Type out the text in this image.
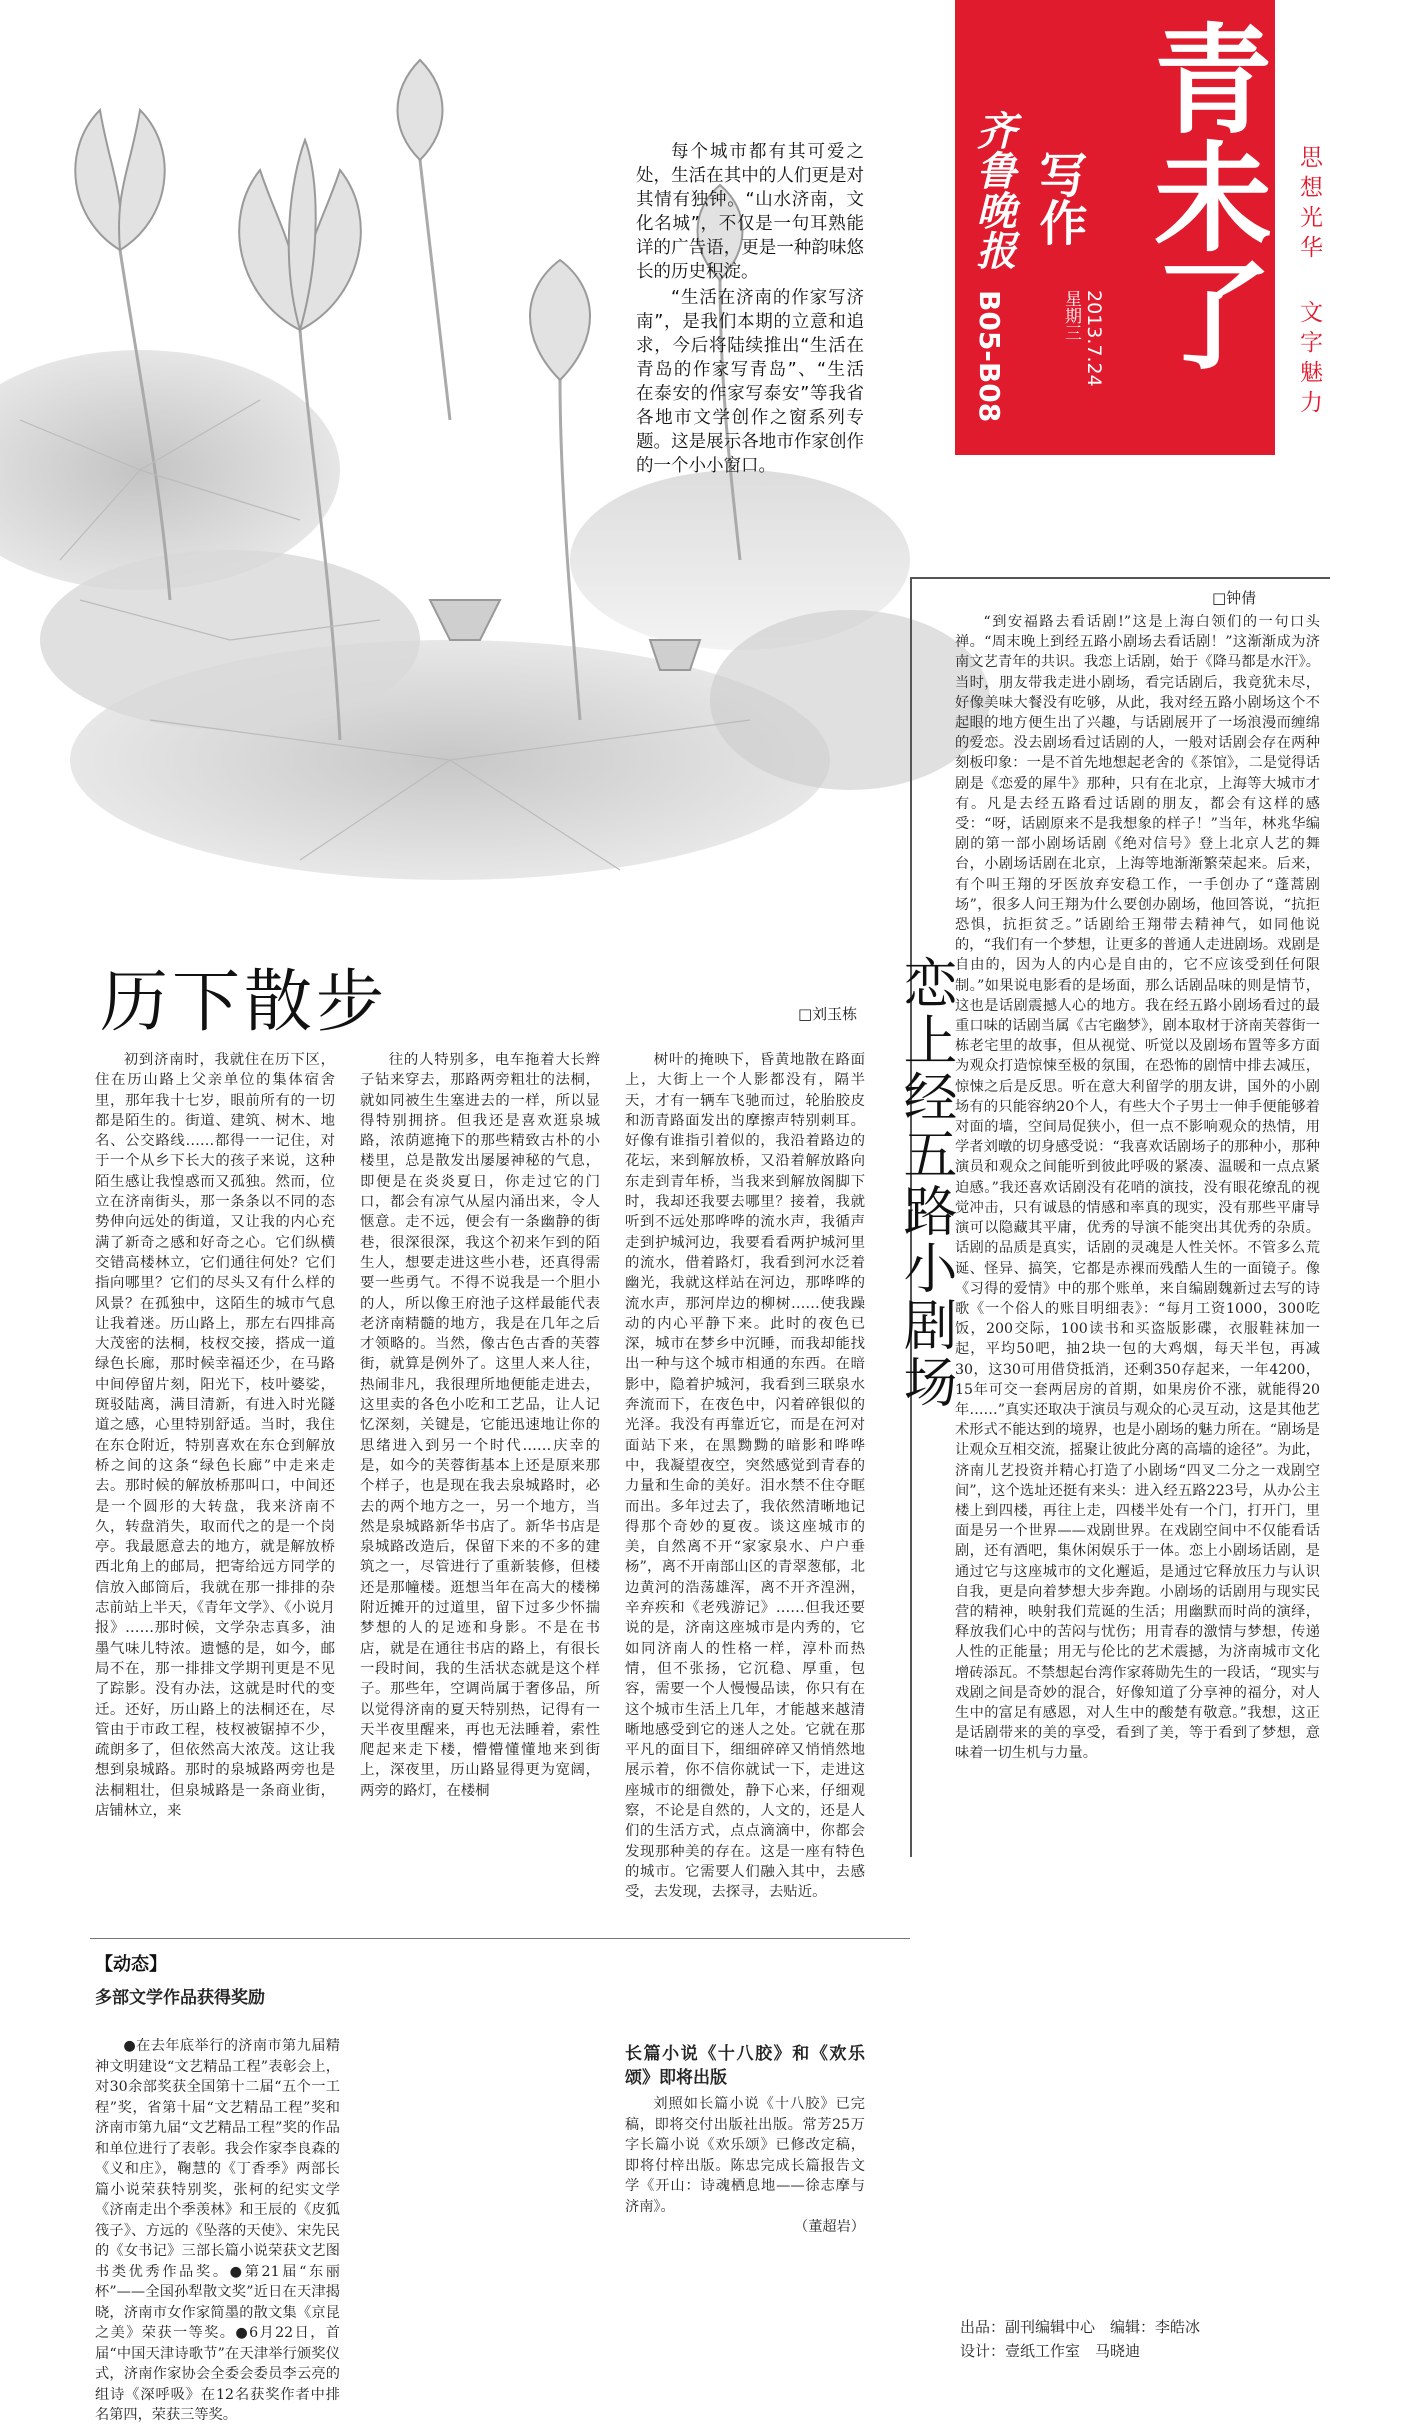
青未了
齐鲁晚报 写作
星期三 2013.7.24
B05-B08
思想光华
文字魅力

每个城市都有其可爱之处，生活在其中的人们更是对其情有独钟。“山水济南，文化名城”，不仅是一句耳熟能详的广告语，更是一种韵味悠长的历史积淀。

“生活在济南的作家写济南”，是我们本期的立意和追求，今后将陆续推出“生活在青岛的作家写青岛”、“生活在泰安的作家写泰安”等我省各地市文学创作之窗系列专题。这是展示各地市作家创作的一个小小窗口。

历下散步	□刘玉栋

初到济南时，我就住在历下区，住在历山路上父亲单位的集体宿舍里，那年我十七岁，眼前所有的一切都是陌生的。街道、建筑、树木、地名、公交路线……都得一一记住，对于一个从乡下长大的孩子来说，这种陌生感让我惶惑而又孤独。然而，位立在济南街头，那一条条以不同的态势伸向远处的街道，又让我的内心充满了新奇之感和好奇之心。它们纵横交错高楼林立，它们通往何处？它们指向哪里？它们的尽头又有什么样的风景？在孤独中，这陌生的城市气息让我着迷。历山路上，那左右四排高大茂密的法桐，枝杈交接，搭成一道绿色长廊，那时候幸福还少，在马路中间停留片刻，阳光下，枝叶婆娑，斑驳陆离，满目清新，有进入时光隧道之感，心里特别舒适。当时，我住在东仓附近，特别喜欢在东仓到解放桥之间的这条“绿色长廊”中走来走去。那时候的解放桥那叫口，中间还是一个圆形的大转盘，我来济南不久，转盘消失，取而代之的是一个岗亭。我最愿意去的地方，就是解放桥西北角上的邮局，把寄给远方同学的信放入邮筒后，我就在那一排排的杂志前站上半天，《青年文学》、《小说月报》……那时候，文学杂志真多，油墨气味儿特浓。遗憾的是，如今，邮局不在，那一排排文学期刊更是不见了踪影。没有办法，这就是时代的变迁。还好，历山路上的法桐还在，尽管由于市政工程，枝杈被锯掉不少，疏朗多了，但依然高大浓茂。这让我想到泉城路。那时的泉城路两旁也是法桐粗壮，但泉城路是一条商业街，店铺林立，来

往的人特别多，电车拖着大长辫子钻来穿去，那路两旁粗壮的法桐，就如同被生生塞进去的一样，所以显得特别拥挤。但我还是喜欢逛泉城路，浓荫遮掩下的那些精致古朴的小楼里，总是散发出屡屡神秘的气息，即便是在炎炎夏日，你走过它的门口，都会有凉气从屋内涌出来，令人惬意。走不远，便会有一条幽静的街巷，很深很深，我这个初来乍到的陌生人，想要走进这些小巷，还真得需要一些勇气。不得不说我是一个胆小的人，所以像王府池子这样最能代表老济南精髓的地方，我是在几年之后才领略的。当然，像古色古香的芙蓉街，就算是例外了。这里人来人往，热闹非凡，我很理所地便能走进去，这里卖的各色小吃和工艺品，让人记忆深刻，关键是，它能迅速地让你的思绪进入到另一个时代……庆幸的是，如今的芙蓉街基本上还是原来那个样子，也是现在我去泉城路时，必去的两个地方之一，另一个地方，当然是泉城路新华书店了。新华书店是泉城路改造后，保留下来的不多的建筑之一，尽管进行了重新装修，但楼还是那幢楼。逛想当年在高大的楼梯附近摊开的过道里，留下过多少怀揣梦想的人的足迹和身影。不是在书店，就是在通往书店的路上，有很长一段时间，我的生活状态就是这个样子。那些年，空调尚属于奢侈品，所以觉得济南的夏天特别热，记得有一天半夜里醒来，再也无法睡着，索性爬起来走下楼，懵懵懂懂地来到街上，深夜里，历山路显得更为宽阔，两旁的路灯，在楼桐

树叶的掩映下，昏黄地散在路面上，大街上一个人影都没有，隔半天，才有一辆车飞驰而过，轮胎胶皮和沥青路面发出的摩擦声特别刺耳。好像有谁指引着似的，我沿着路边的花坛，来到解放桥，又沿着解放路向东走到青年桥，当我来到解放阁脚下时，我却还我要去哪里？接着，我就听到不远处那哗哗的流水声，我循声走到护城河边，我要看看两护城河里的流水，借着路灯，我看到河水泛着幽光，我就这样站在河边，那哗哗的流水声，那河岸边的柳树……使我躁动的内心平静下来。此时的夜色已深，城市在梦乡中沉睡，而我却能找出一种与这个城市相通的东西。在暗影中，隐着护城河，我看到三联泉水奔流而下，在夜色中，闪着碎银似的光泽。我没有再靠近它，而是在河对面站下来，在黑黝黝的暗影和哗哗中，我凝望夜空，突然感觉到青春的力量和生命的美好。泪水禁不住夺眶而出。多年过去了，我依然清晰地记得那个奇妙的夏夜。谈这座城市的美，自然离不开“家家泉水、户户垂杨”，离不开南部山区的青翠葱郁，北边黄河的浩荡雄浑，离不开齐湟洲，辛弃疾和《老残游记》……但我还要说的是，济南这座城市是内秀的，它如同济南人的性格一样，淳朴而热情，但不张扬，它沉稳、厚重，包容，需要一个人慢慢品读，你只有在这个城市生活上几年，才能越来越清晰地感受到它的迷人之处。它就在那平凡的面目下，细细碎碎又悄悄然地展示着，你不信你就试一下，走进这座城市的细微处，静下心来，仔细观察，不论是自然的，人文的，还是人们的生活方式，点点滴滴中，你都会发现那种美的存在。这是一座有特色的城市。它需要人们融入其中，去感受，去发现，去探寻，去贴近。

恋上经五路小剧场
□钟倩

“到安福路去看话剧!”这是上海白领们的一句口头禅。“周末晚上到经五路小剧场去看话剧！”这渐渐成为济南文艺青年的共识。我恋上话剧，始于《降马都是水汗》。当时，朋友带我走进小剧场，看完话剧后，我竟犹未尽，好像美味大餐没有吃够，从此，我对经五路小剧场这个不起眼的地方便生出了兴趣，与话剧展开了一场浪漫而缠绵的爱恋。没去剧场看过话剧的人，一般对话剧会存在两种刻板印象：一是不首先地想起老舍的《茶馆》，二是觉得话剧是《恋爱的犀牛》那种，只有在北京，上海等大城市才有。凡是去经五路看过话剧的朋友，都会有这样的感受：“呀，话剧原来不是我想象的样子！”当年，林兆华编剧的第一部小剧场话剧《绝对信号》登上北京人艺的舞台，小剧场话剧在北京，上海等地渐渐繁荣起来。后来，有个叫王翔的牙医放弃安稳工作，一手创办了“蓬蒿剧场”，很多人问王翔为什么要创办剧场，他回答说，“抗拒恐惧，抗拒贫乏。”话剧给王翔带去精神气，如同他说的，“我们有一个梦想，让更多的普通人走进剧场。戏剧是自由的，因为人的内心是自由的，它不应该受到任何限制。”如果说电影看的是场面，那么话剧品味的则是情节，这也是话剧震撼人心的地方。我在经五路小剧场看过的最重口味的话剧当属《古宅幽梦》，剧本取材于济南芙蓉街一栋老宅里的故事，但从视觉、听觉以及剧场布置等多方面为观众打造惊悚至极的氛围，在恐怖的剧情中排去减压，惊悚之后是反思。听在意大利留学的朋友讲，国外的小剧场有的只能容纳20个人，有些大个子男士一伸手便能够着对面的墙，空间局促狭小，但一点不影响观众的热情，用学者刘暾的切身感受说：“我喜欢话剧场子的那种小，那种演员和观众之间能听到彼此呼吸的紧凑、温暖和一点点紧迫感。”我还喜欢话剧没有花哨的演技，没有眼花缭乱的视觉冲击，只有诚恳的情感和率真的现实，没有那些平庸导演可以隐藏其平庸，优秀的导演不能突出其优秀的杂质。话剧的品质是真实，话剧的灵魂是人性关怀。不管多么荒诞、怪异、搞笑，它都是赤裸而残酷人生的一面镜子。像《习得的爱情》中的那个账单，来自编剧魏新过去写的诗歌《一个俗人的账目明细表》：“每月工资1000，300吃饭，200交际，100读书和买盗版影碟，衣服鞋袜加一起，平均50吧，抽2块一包的大鸡烟，每天半包，再减30，这30可用借贷抵消，还剩350存起来，一年4200，15年可交一套两居房的首期，如果房价不涨，就能得20年……”真实还取决于演员与观众的心灵互动，这是其他艺术形式不能达到的境界，也是小剧场的魅力所在。“剧场是让观众互相交流，摇聚让彼此分离的高墙的途径”。为此，济南儿艺投资并精心打造了小剧场“四叉二分之一戏剧空间”，这个选址还挺有来头：进入经五路223号，从办公主楼上到四楼，再往上走，四楼半处有一个门，打开门，里面是另一个世界——戏剧世界。在戏剧空间中不仅能看话剧，还有酒吧，集休闲娱乐于一体。恋上小剧场话剧，是通过它与这座城市的文化邂逅，是通过它释放压力与认识自我，更是向着梦想大步奔跑。小剧场的话剧用与现实民营的精神，映射我们荒诞的生活；用幽默而时尚的演绎，释放我们心中的苦闷与忧伤；用青春的激情与梦想，传递人性的正能量；用无与伦比的艺术震撼，为济南城市文化增砖添瓦。不禁想起台湾作家蒋勋先生的一段话，“现实与戏剧之间是奇妙的混合，好像知道了分享神的福分，对人生中的富足有感恩，对人生中的酸楚有敬意。”我想，这正是话剧带来的美的享受，看到了美，等于看到了梦想，意味着一切生机与力量。

【动态】

多部文学作品获得奖励

●在去年底举行的济南市第九届精神文明建设“文艺精品工程”表彰会上，对30余部奖获全国第十二届“五个一工程”奖，省第十届“文艺精品工程”奖和济南市第九届“文艺精品工程”奖的作品和单位进行了表彰。我会作家李良森的《义和庄》，鞠慧的《丁香季》两部长篇小说荣获特别奖，张柯的纪实文学《济南走出个季羡林》和王辰的《皮狐筏子》、方远的《坠落的天使》、宋先民的《女书记》三部长篇小说荣获文艺图书类优秀作品奖。●第21届“东丽杯”——全国孙犁散文奖”近日在天津揭晓，济南市女作家简墨的散文集《京昆之美》荣获一等奖。●6月22日，首届“中国天津诗歌节”在天津举行颁奖仪式，济南作家协会全委会委员李云亮的组诗《深呼吸》在12名获奖作者中排名第四，荣获三等奖。

长篇小说《十八胶》和《欢乐颂》即将出版

刘照如长篇小说《十八胶》已完稿，即将交付出版社出版。常芳25万字长篇小说《欢乐颂》已修改定稿，即将付梓出版。陈忠完成长篇报告文学《开山：诗魂栖息地——徐志摩与济南》。

（董超岩）

出品：副刊编辑中心　编辑：李皓冰
设计：壹纸工作室　马晓迪
